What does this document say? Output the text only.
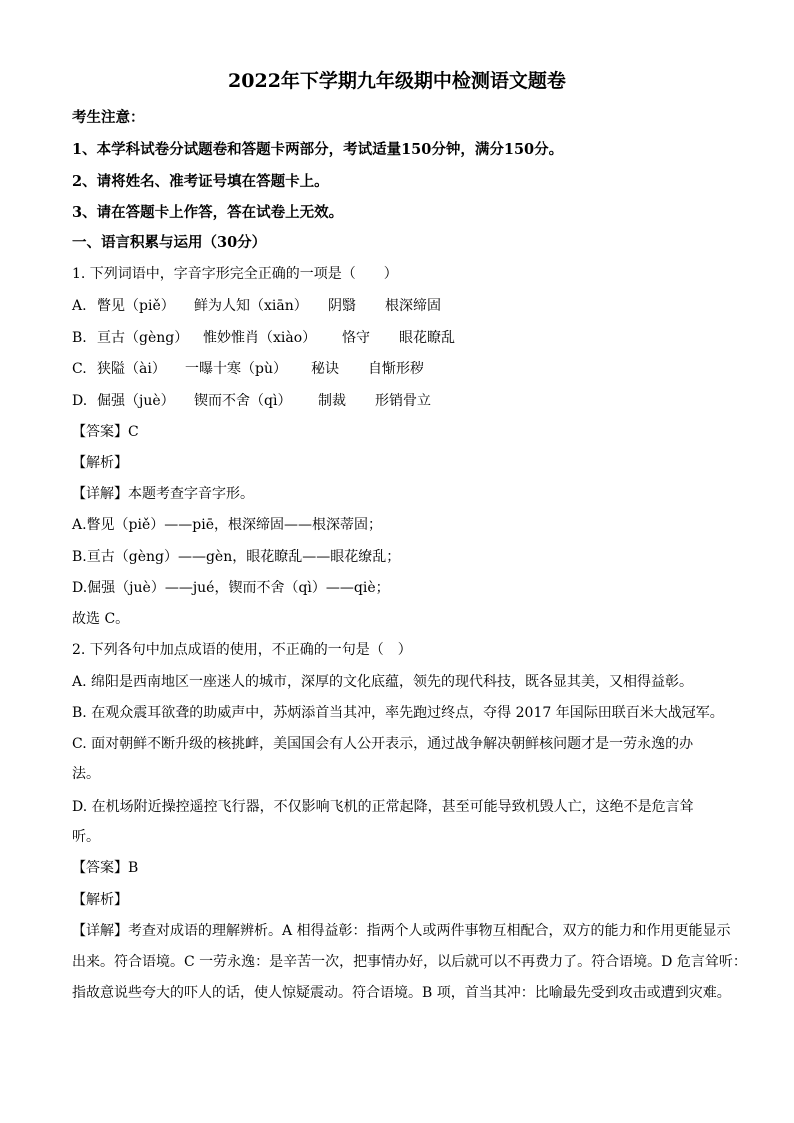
2022年下学期九年级期中检测语文题卷
考生注意：
1、本学科试卷分试题卷和答题卡两部分，考试适量150分钟，满分150分。
2、请将姓名、准考证号填在答题卡上。
3、请在答题卡上作答，答在试卷上无效。
一、语言积累与运用（30分）
1. 下列词语中，字音字形完全正确的一项是（　　）
A. 瞥见（piě） 鲜为人知（xiān） 阴翳 根深缔固
B. 亘古（gèng） 惟妙惟肖（xiào） 恪守 眼花瞭乱
C. 狭隘（ài） 一曝十寒（pù） 秘诀 自惭形秽
D. 倔强（juè） 锲而不舍（qì） 制裁 形销骨立
【答案】C
【解析】
【详解】本题考查字音字形。
A.瞥见（piě）——piē，根深缔固——根深蒂固；
B.亘古（gèng）——gèn，眼花瞭乱——眼花缭乱；
D.倔强（juè）——jué，锲而不舍（qì）——qiè；
故选 C。
2. 下列各句中加点成语的使用，不正确的一句是（　）
A. 绵阳是西南地区一座迷人的城市，深厚的文化底蕴，领先的现代科技，既各显其美，又相得益彰。
B. 在观众震耳欲聋的助威声中，苏炳添首当其冲，率先跑过终点，夺得 2017 年国际田联百米大战冠军。
C. 面对朝鲜不断升级的核挑衅，美国国会有人公开表示，通过战争解决朝鲜核问题才是一劳永逸的办
法。
D. 在机场附近操控遥控飞行器，不仅影响飞机的正常起降，甚至可能导致机毁人亡，这绝不是危言耸
听。
【答案】B
【解析】
【详解】考查对成语的理解辨析。A 相得益彰：指两个人或两件事物互相配合，双方的能力和作用更能显示
出来。符合语境。C 一劳永逸：是辛苦一次，把事情办好，以后就可以不再费力了。符合语境。D 危言耸听：
指故意说些夸大的吓人的话，使人惊疑震动。符合语境。B 项，首当其冲：比喻最先受到攻击或遭到灾难。
